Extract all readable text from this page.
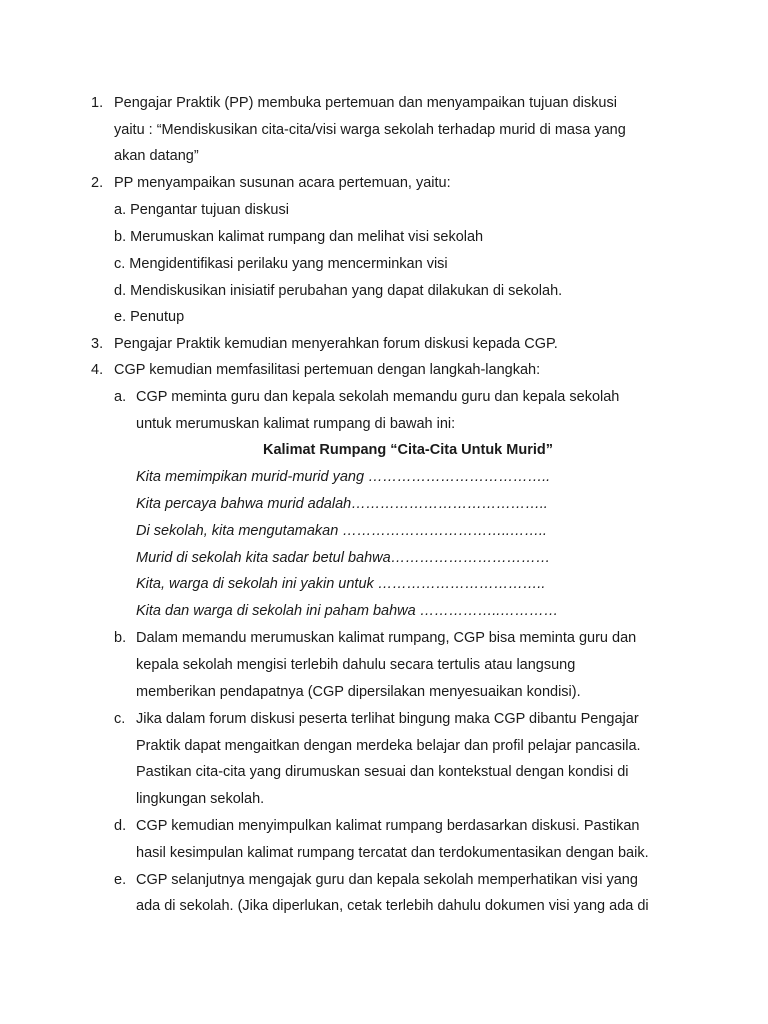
1. Pengajar Praktik (PP) membuka pertemuan dan menyampaikan tujuan diskusi
yaitu : “Mendiskusikan cita-cita/visi warga sekolah terhadap murid di masa yang
akan datang”
2. PP menyampaikan susunan acara pertemuan, yaitu:
a. Pengantar tujuan diskusi
b. Merumuskan kalimat rumpang dan melihat visi sekolah
c. Mengidentifikasi perilaku yang mencerminkan visi
d. Mendiskusikan inisiatif perubahan yang dapat dilakukan di sekolah.
e. Penutup
3. Pengajar Praktik kemudian menyerahkan forum diskusi kepada CGP.
4. CGP kemudian memfasilitasi pertemuan dengan langkah-langkah:
a. CGP meminta guru dan kepala sekolah memandu guru dan kepala sekolah
untuk merumuskan kalimat rumpang di bawah ini:
Kalimat Rumpang “Cita-Cita Untuk Murid”
Kita memimpikan murid-murid yang ………………………………..
Kita percaya bahwa murid adalah…………………………………..
Di sekolah, kita mengutamakan ……………………………..……..
Murid di sekolah kita sadar betul bahwa……………………………
Kita, warga di sekolah ini yakin untuk ……………………………..
Kita dan warga di sekolah ini paham bahwa ……………..…………
b. Dalam memandu merumuskan kalimat rumpang, CGP bisa meminta guru dan
kepala sekolah mengisi terlebih dahulu secara tertulis atau langsung
memberikan pendapatnya (CGP dipersilakan menyesuaikan kondisi).
c. Jika dalam forum diskusi peserta terlihat bingung maka CGP dibantu Pengajar
Praktik dapat mengaitkan dengan merdeka belajar dan profil pelajar pancasila.
Pastikan cita-cita yang dirumuskan sesuai dan kontekstual dengan kondisi di
lingkungan sekolah.
d. CGP kemudian menyimpulkan kalimat rumpang berdasarkan diskusi. Pastikan
hasil kesimpulan kalimat rumpang tercatat dan terdokumentasikan dengan baik.
e. CGP selanjutnya mengajak guru dan kepala sekolah memperhatikan visi yang
ada di sekolah. (Jika diperlukan, cetak terlebih dahulu dokumen visi yang ada di
